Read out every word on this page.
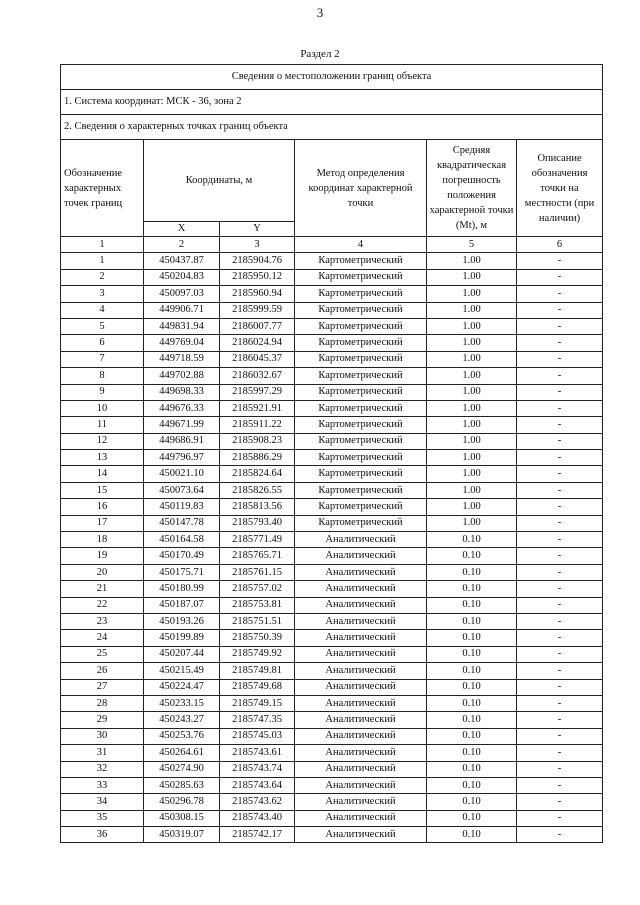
3
Раздел 2
Сведения о местоположении границ объекта					
1. Система координат: МСК - 36, зона 2					
2. Сведения о характерных точках границ объекта					
Обозначение характерных точек границ	Координаты, м		Метод определения координат характерной точки	Средняя квадратическая погрешность положения характерной точки (Mt), м	Описание обозначения точки на местности (при наличии)
	X	Y			
1	2	3	4	5	6
1	450437.87	2185904.76	Картометрический	1.00	-
2	450204.83	2185950.12	Картометрический	1.00	-
3	450097.03	2185960.94	Картометрический	1.00	-
4	449906.71	2185999.59	Картометрический	1.00	-
5	449831.94	2186007.77	Картометрический	1.00	-
6	449769.04	2186024.94	Картометрический	1.00	-
7	449718.59	2186045.37	Картометрический	1.00	-
8	449702.88	2186032.67	Картометрический	1.00	-
9	449698.33	2185997.29	Картометрический	1.00	-
10	449676.33	2185921.91	Картометрический	1.00	-
11	449671.99	2185911.22	Картометрический	1.00	-
12	449686.91	2185908.23	Картометрический	1.00	-
13	449796.97	2185886.29	Картометрический	1.00	-
14	450021.10	2185824.64	Картометрический	1.00	-
15	450073.64	2185826.55	Картометрический	1.00	-
16	450119.83	2185813.56	Картометрический	1.00	-
17	450147.78	2185793.40	Картометрический	1.00	-
18	450164.58	2185771.49	Аналитический	0.10	-
19	450170.49	2185765.71	Аналитический	0.10	-
20	450175.71	2185761.15	Аналитический	0.10	-
21	450180.99	2185757.02	Аналитический	0.10	-
22	450187.07	2185753.81	Аналитический	0.10	-
23	450193.26	2185751.51	Аналитический	0.10	-
24	450199.89	2185750.39	Аналитический	0.10	-
25	450207.44	2185749.92	Аналитический	0.10	-
26	450215.49	2185749.81	Аналитический	0.10	-
27	450224.47	2185749.68	Аналитический	0.10	-
28	450233.15	2185749.15	Аналитический	0.10	-
29	450243.27	2185747.35	Аналитический	0.10	-
30	450253.76	2185745.03	Аналитический	0.10	-
31	450264.61	2185743.61	Аналитический	0.10	-
32	450274.90	2185743.74	Аналитический	0.10	-
33	450285.63	2185743.64	Аналитический	0.10	-
34	450296.78	2185743.62	Аналитический	0.10	-
35	450308.15	2185743.40	Аналитический	0.10	-
36	450319.07	2185742.17	Аналитический	0.10	-
